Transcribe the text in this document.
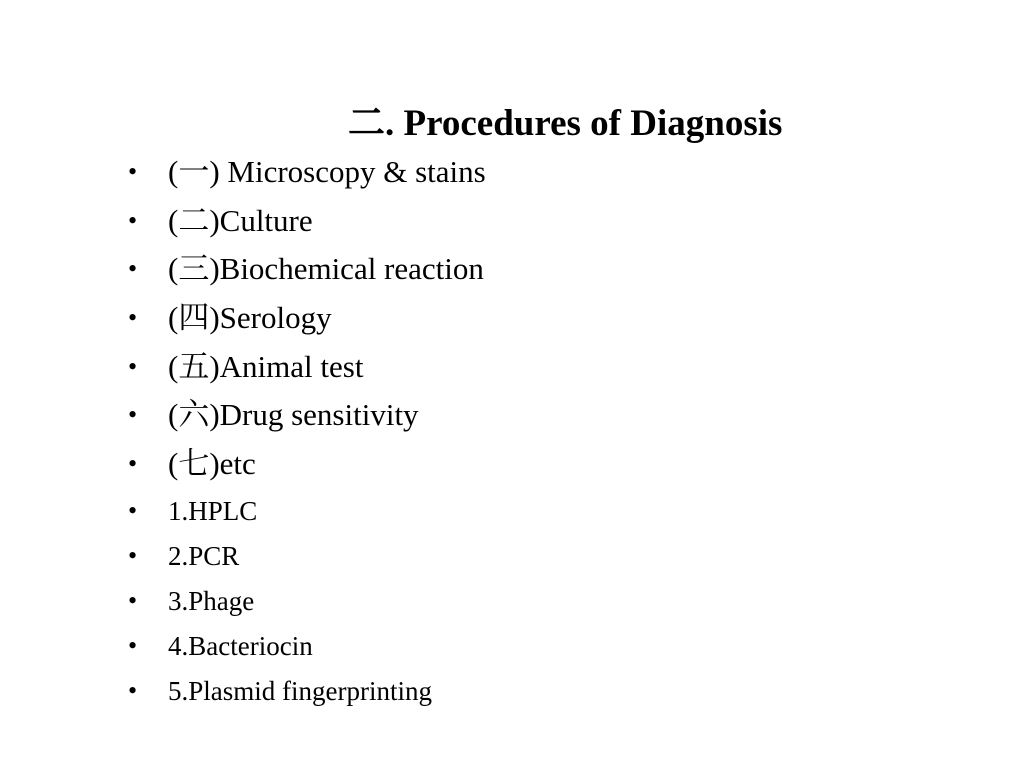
二. Procedures of Diagnosis
• (一) Microscopy & stains
• (二)Culture
• (三)Biochemical reaction
• (四)Serology
• (五)Animal test
• (六)Drug sensitivity
• (七)etc
• 1.HPLC
• 2.PCR
• 3.Phage
• 4.Bacteriocin
• 5.Plasmid fingerprinting
